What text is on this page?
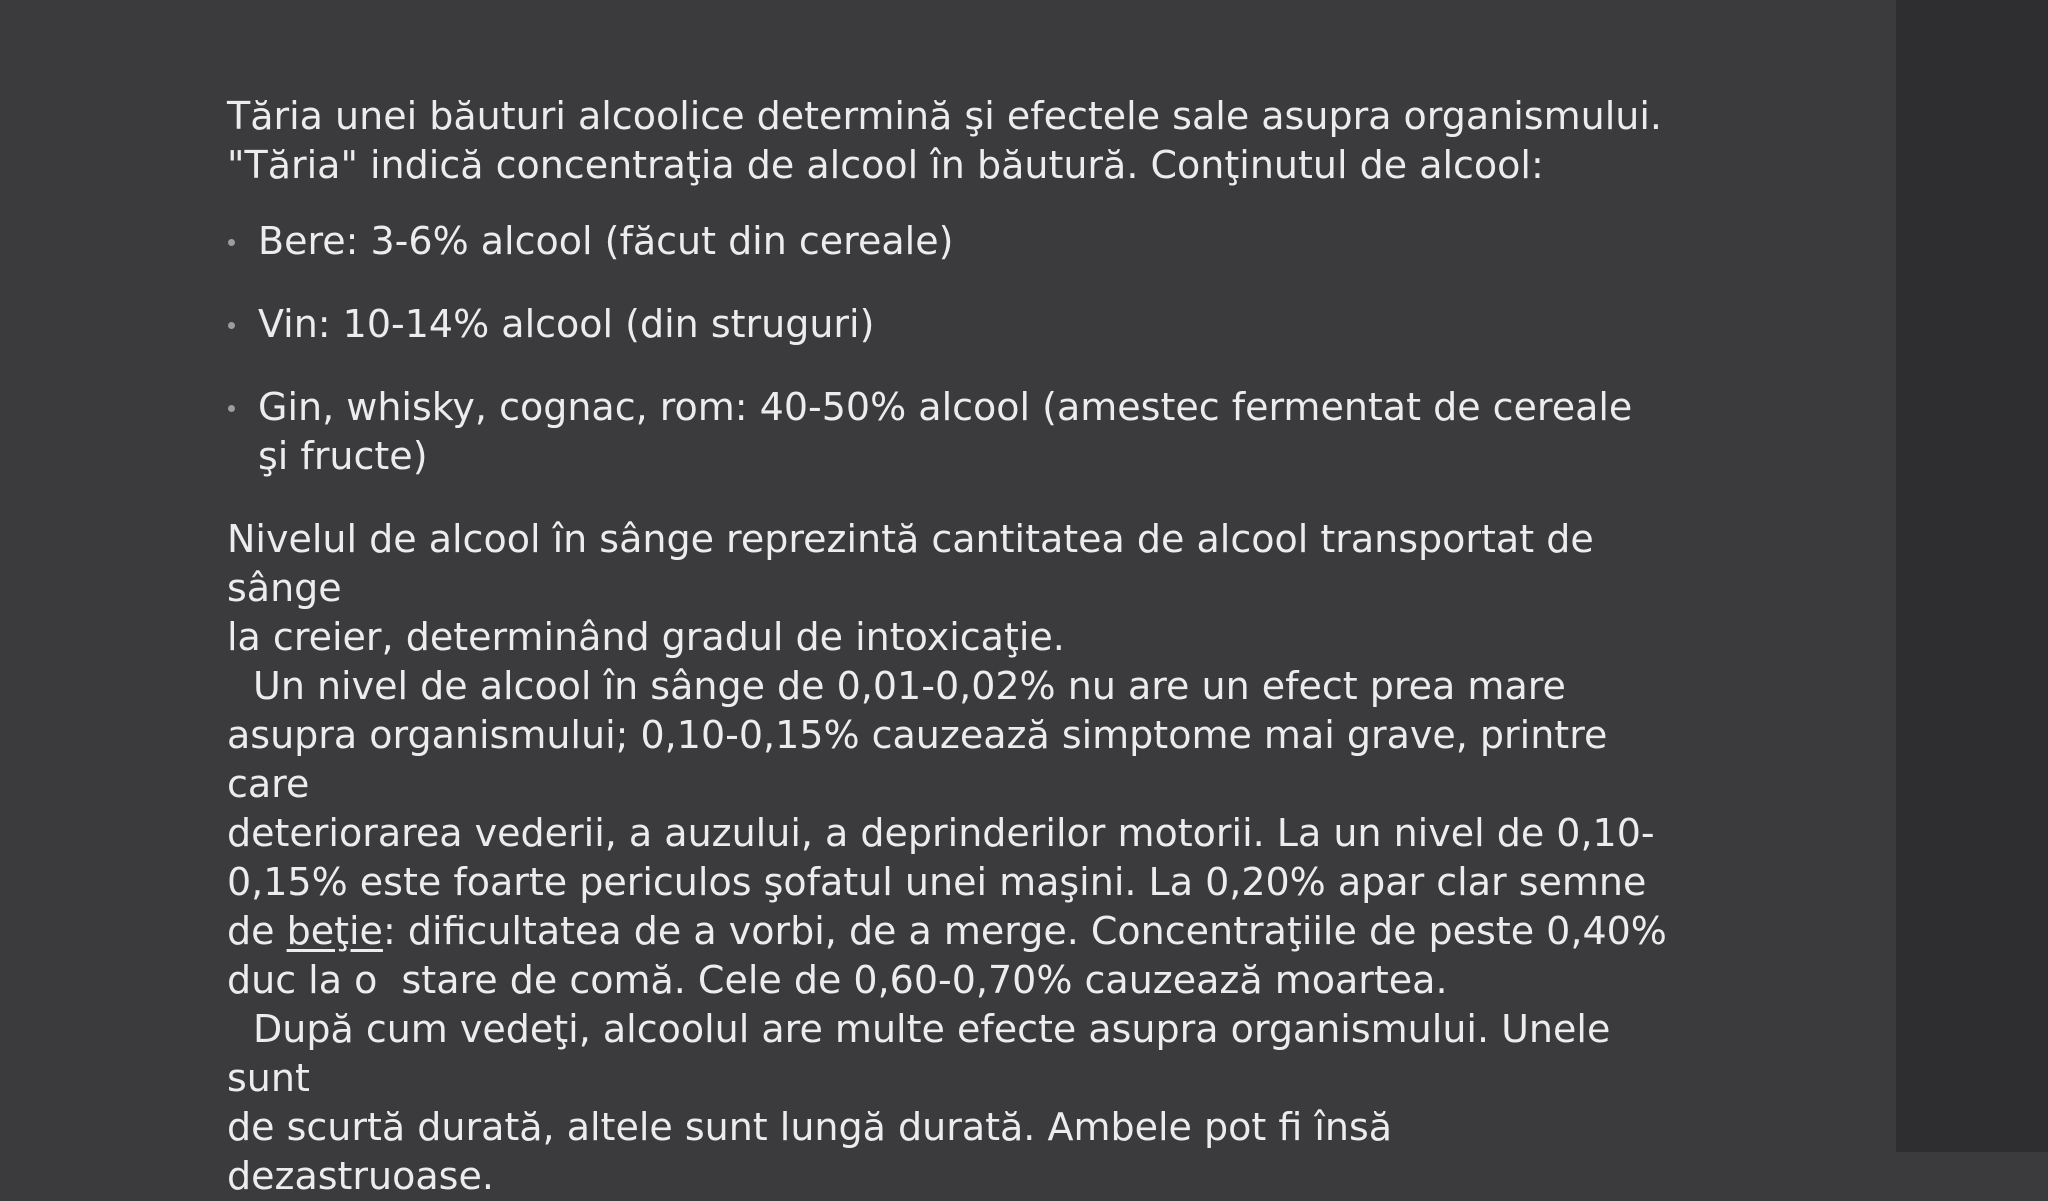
Tăria unei băuturi alcoolice determină şi efectele sale asupra organismului.
"Tăria" indică concentraţia de alcool în băutură. Conţinutul de alcool:

Bere: 3-6% alcool (făcut din cereale)
Vin: 10-14% alcool (din struguri)
Gin, whisky, cognac, rom: 40-50% alcool (amestec fermentat de cereale şi fructe)

Nivelul de alcool în sânge reprezintă cantitatea de alcool transportat de sânge
la creier, determinând gradul de intoxicaţie.
Un nivel de alcool în sânge de 0,01-0,02% nu are un efect prea mare
asupra organismului; 0,10-0,15% cauzează simptome mai grave, printre care
deteriorarea vederii, a auzului, a deprinderilor motorii. La un nivel de 0,10-
0,15% este foarte periculos şofatul unei maşini. La 0,20% apar clar semne
de beţie: dificultatea de a vorbi, de a merge. Concentraţiile de peste 0,40%
duc la o  stare de comă. Cele de 0,60-0,70% cauzează moartea.
După cum vedeţi, alcoolul are multe efecte asupra organismului. Unele sunt
de scurtă durată, altele sunt lungă durată. Ambele pot fi însă dezastruoase.
